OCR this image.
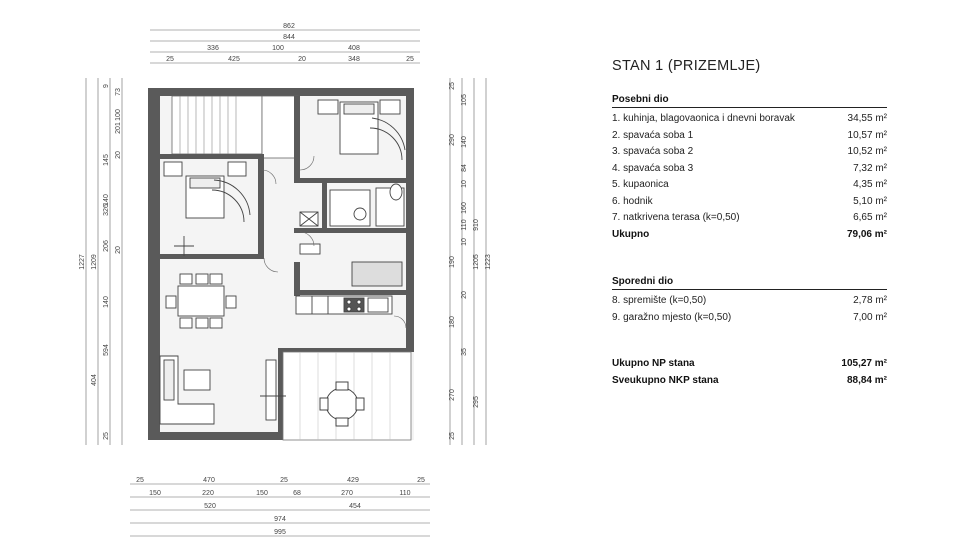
862
844
336	100	408
25	425	20	348	25
25	470	25	429	25
150	220	150	68	270	110
520	454
974
995
1227 1209
9
326
594
25
73
100
201
145 20
140
206 20
140
404
1223
1205
910
295
25
105
290 140
84
10
160
110
10
190
20
180
35
270
25
STAN 1 (PRIZEMLJE)
Posebni dio
1. kuhinja, blagovaonica i dnevni boravak	34,55 m²
2. spavaća soba 1	10,57 m²
3. spavaća soba 2	10,52 m²
4. spavaća soba 3	7,32 m²
5. kupaonica	4,35 m²
6. hodnik	5,10 m²
7. natkrivena terasa (k=0,50)	6,65 m²
Ukupno	79,06 m²
Sporedni dio
8. spremište (k=0,50)	2,78 m²
9. garažno mjesto (k=0,50)	7,00 m²
Ukupno NP stana	105,27 m²
Sveukupno NKP stana	88,84 m²
